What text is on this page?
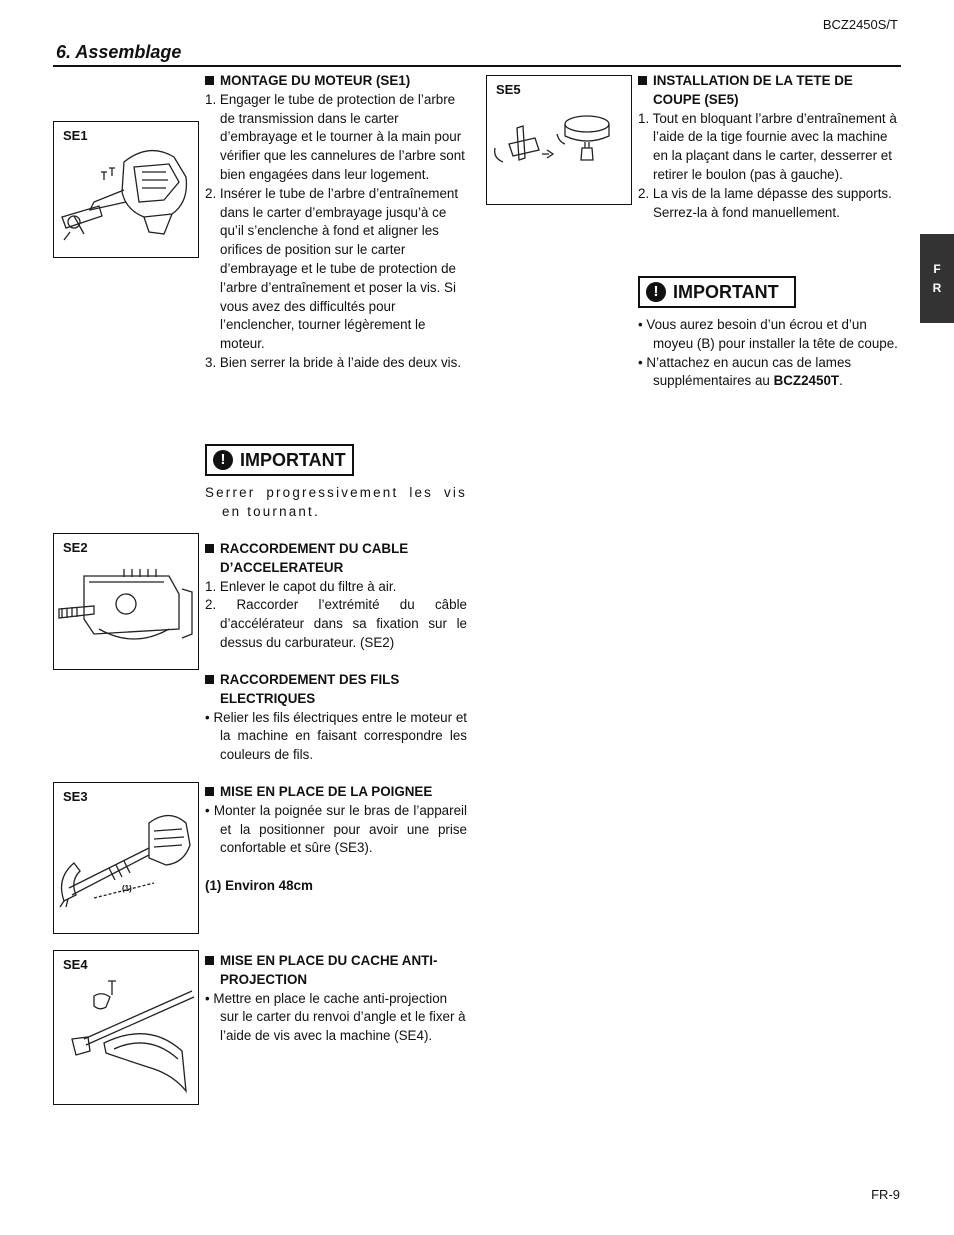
BCZ2450S/T
6. Assemblage
F
R
SE1
SE2
SE3
(1)
SE4
SE5

MONTAGE DU MOTEUR (SE1)

1. Engager le tube de protection de l’arbre de transmission dans le carter d’embrayage et le tourner à la main pour vérifier que les cannelures de l’arbre sont bien engagées dans leur logement.
2. Insérer le tube de l’arbre d’entraînement dans le carter d’embrayage jusqu’à ce qu’il s’enclenche à fond et aligner les orifices de position sur le carter d’embrayage et le tube de protection de l’arbre d’entraînement et poser la vis. Si vous avez des difficultés pour l’enclencher, tourner légèrement le moteur.
3. Bien serrer la bride à l’aide des deux vis.
! IMPORTANT

Serrer progressivement les vis en tournant.

RACCORDEMENT DU CABLE D’ACCELERATEUR

1. Enlever le capot du filtre à air.
2. Raccorder l’extrémité du câble d’accélérateur dans sa fixation sur le dessus du carburateur. (SE2)

RACCORDEMENT DES FILS ELECTRIQUES

• Relier les fils électriques entre le moteur et la machine en faisant correspondre les couleurs de fils.

MISE EN PLACE DE LA POIGNEE

• Monter la poignée sur le bras de l’appareil et la positionner pour avoir une prise confortable et sûre (SE3).

(1) Environ 48cm

MISE EN PLACE DU CACHE ANTI-PROJECTION

• Mettre en place le cache anti-projection sur le carter du renvoi d’angle et le fixer à l’aide de vis avec la machine (SE4).

INSTALLATION DE LA TETE DE COUPE (SE5)

1. Tout en bloquant l’arbre d’entraînement à l’aide de la tige fournie avec la machine en la plaçant dans le carter, desserrer et retirer le boulon (pas à gauche).
2. La vis de la lame dépasse des supports. Serrez-la à fond manuellement.
! IMPORTANT
• Vous aurez besoin d’un écrou et d’un moyeu (B) pour installer la tête de coupe.
• N’attachez en aucun cas de lames supplémentaires au BCZ2450T.
FR-9
